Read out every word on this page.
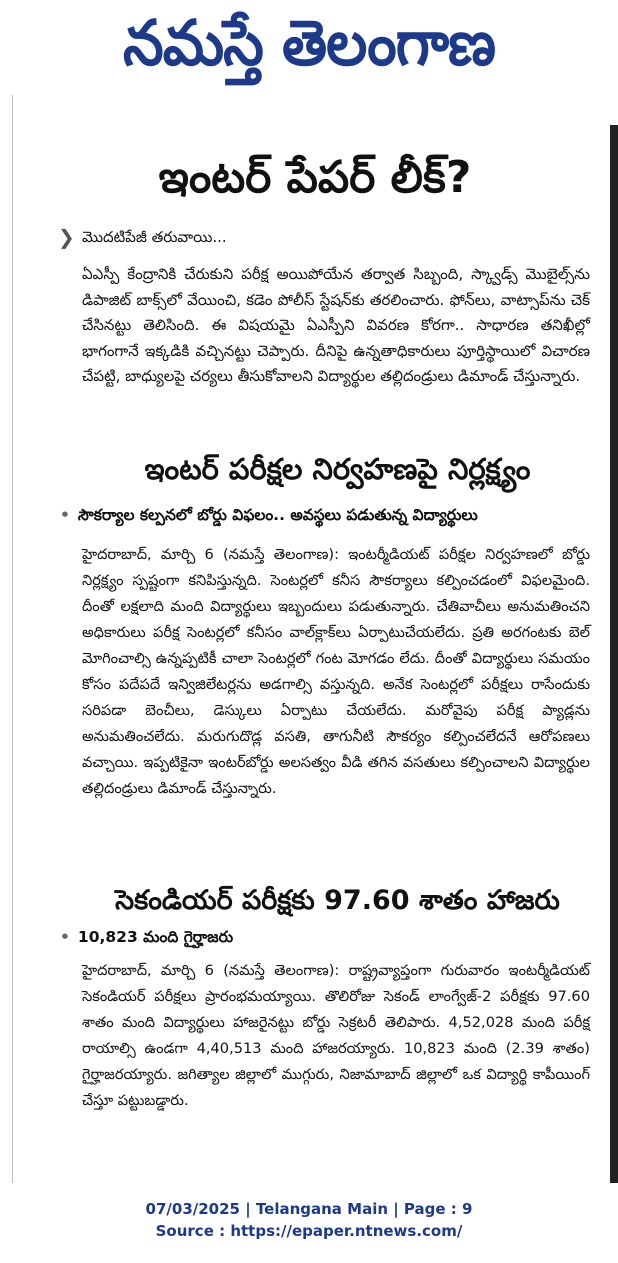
నమస్తే తెలంగాణ
ఇంటర్ పేపర్ లీక్?
❯ మొదటిపేజీ తరువాయి...
ఏఎస్పీ కేంద్రానికి చేరుకుని పరీక్ష అయిపోయేన తర్వాత సిబ్బంది, స్క్వాడ్స్ మొబైల్స్‌ను డిపాజిట్ బాక్స్‌లో వేయించి, కడెం పోలీస్ స్టేషన్‌కు తరలించారు. ఫోన్‌లు, వాట్సాప్‌ను చెక్ చేసినట్టు తెలిసింది. ఈ విషయమై ఏఎస్పీని వివరణ కోరగా.. సాధారణ తనిఖీల్లో భాగంగానే ఇక్కడికి వచ్చినట్టు చెప్పారు. దీనిపై ఉన్నతాధికారులు పూర్తిస్థాయిలో విచారణ చేపట్టి, బాధ్యులపై చర్యలు తీసుకోవాలని విద్యార్థుల తల్లిదండ్రులు డిమాండ్ చేస్తున్నారు.
ఇంటర్ పరీక్షల నిర్వహణపై నిర్లక్ష్యం
• సౌకర్యాల కల్పనలో బోర్డు విఫలం.. అవస్థలు పడుతున్న విద్యార్థులు
హైదరాబాద్, మార్చి 6 (నమస్తే తెలంగాణ): ఇంటర్మీడియట్ పరీక్షల నిర్వహణలో బోర్డు నిర్లక్ష్యం స్పష్టంగా కనిపిస్తున్నది. సెంటర్లలో కనీస సౌకర్యాలు కల్పించడంలో విఫలమైంది. దీంతో లక్షలాది మంది విద్యార్థులు ఇబ్బందులు పడుతున్నారు. చేతివాచీలు అనుమతించని అధికారులు పరీక్ష సెంటర్లలో కనీసం వాల్‌క్లాక్‌లు ఏర్పాటుచేయలేదు. ప్రతి అరగంటకు బెల్ మోగించాల్సి ఉన్నప్పటికీ చాలా సెంటర్లలో గంట మోగడం లేదు. దీంతో విద్యార్థులు సమయం కోసం పదేపదే ఇన్విజిలేటర్లను అడగాల్సి వస్తున్నది. అనేక సెంటర్లలో పరీక్షలు రాసేందుకు సరిపడా బెంచీలు, డెస్కులు ఏర్పాటు చేయలేదు. మరోవైపు పరీక్ష ప్యాడ్లను అనుమతించలేదు. మరుగుదొడ్ల వసతి, తాగునీటి సౌకర్యం కల్పించలేదనే ఆరోపణలు వచ్చాయి. ఇప్పటికైనా ఇంటర్‌బోర్డు అలసత్వం వీడి తగిన వసతులు కల్పించాలని విద్యార్థుల తల్లిదండ్రులు డిమాండ్ చేస్తున్నారు.
సెకండియర్ పరీక్షకు 97.60 శాతం హాజరు
• 10,823 మంది గైర్హాజరు
హైదరాబాద్, మార్చి 6 (నమస్తే తెలంగాణ): రాష్ట్రవ్యాప్తంగా గురువారం ఇంటర్మీడియట్ సెకండియర్ పరీక్షలు ప్రారంభమయ్యాయి. తొలిరోజు సెకండ్ లాంగ్వేజ్-2 పరీక్షకు 97.60 శాతం మంది విద్యార్థులు హాజరైనట్టు బోర్డు సెక్రటరీ తెలిపారు. 4,52,028 మంది పరీక్ష రాయాల్సి ఉండగా 4,40,513 మంది హాజరయ్యారు. 10,823 మంది (2.39 శాతం) గైర్హాజరయ్యారు. జగిత్యాల జిల్లాలో ముగ్గురు, నిజామాబాద్ జిల్లాలో ఒక విద్యార్థి కాపీయింగ్ చేస్తూ పట్టుబడ్డారు.
07/03/2025 | Telangana Main | Page : 9
Source : https://epaper.ntnews.com/
